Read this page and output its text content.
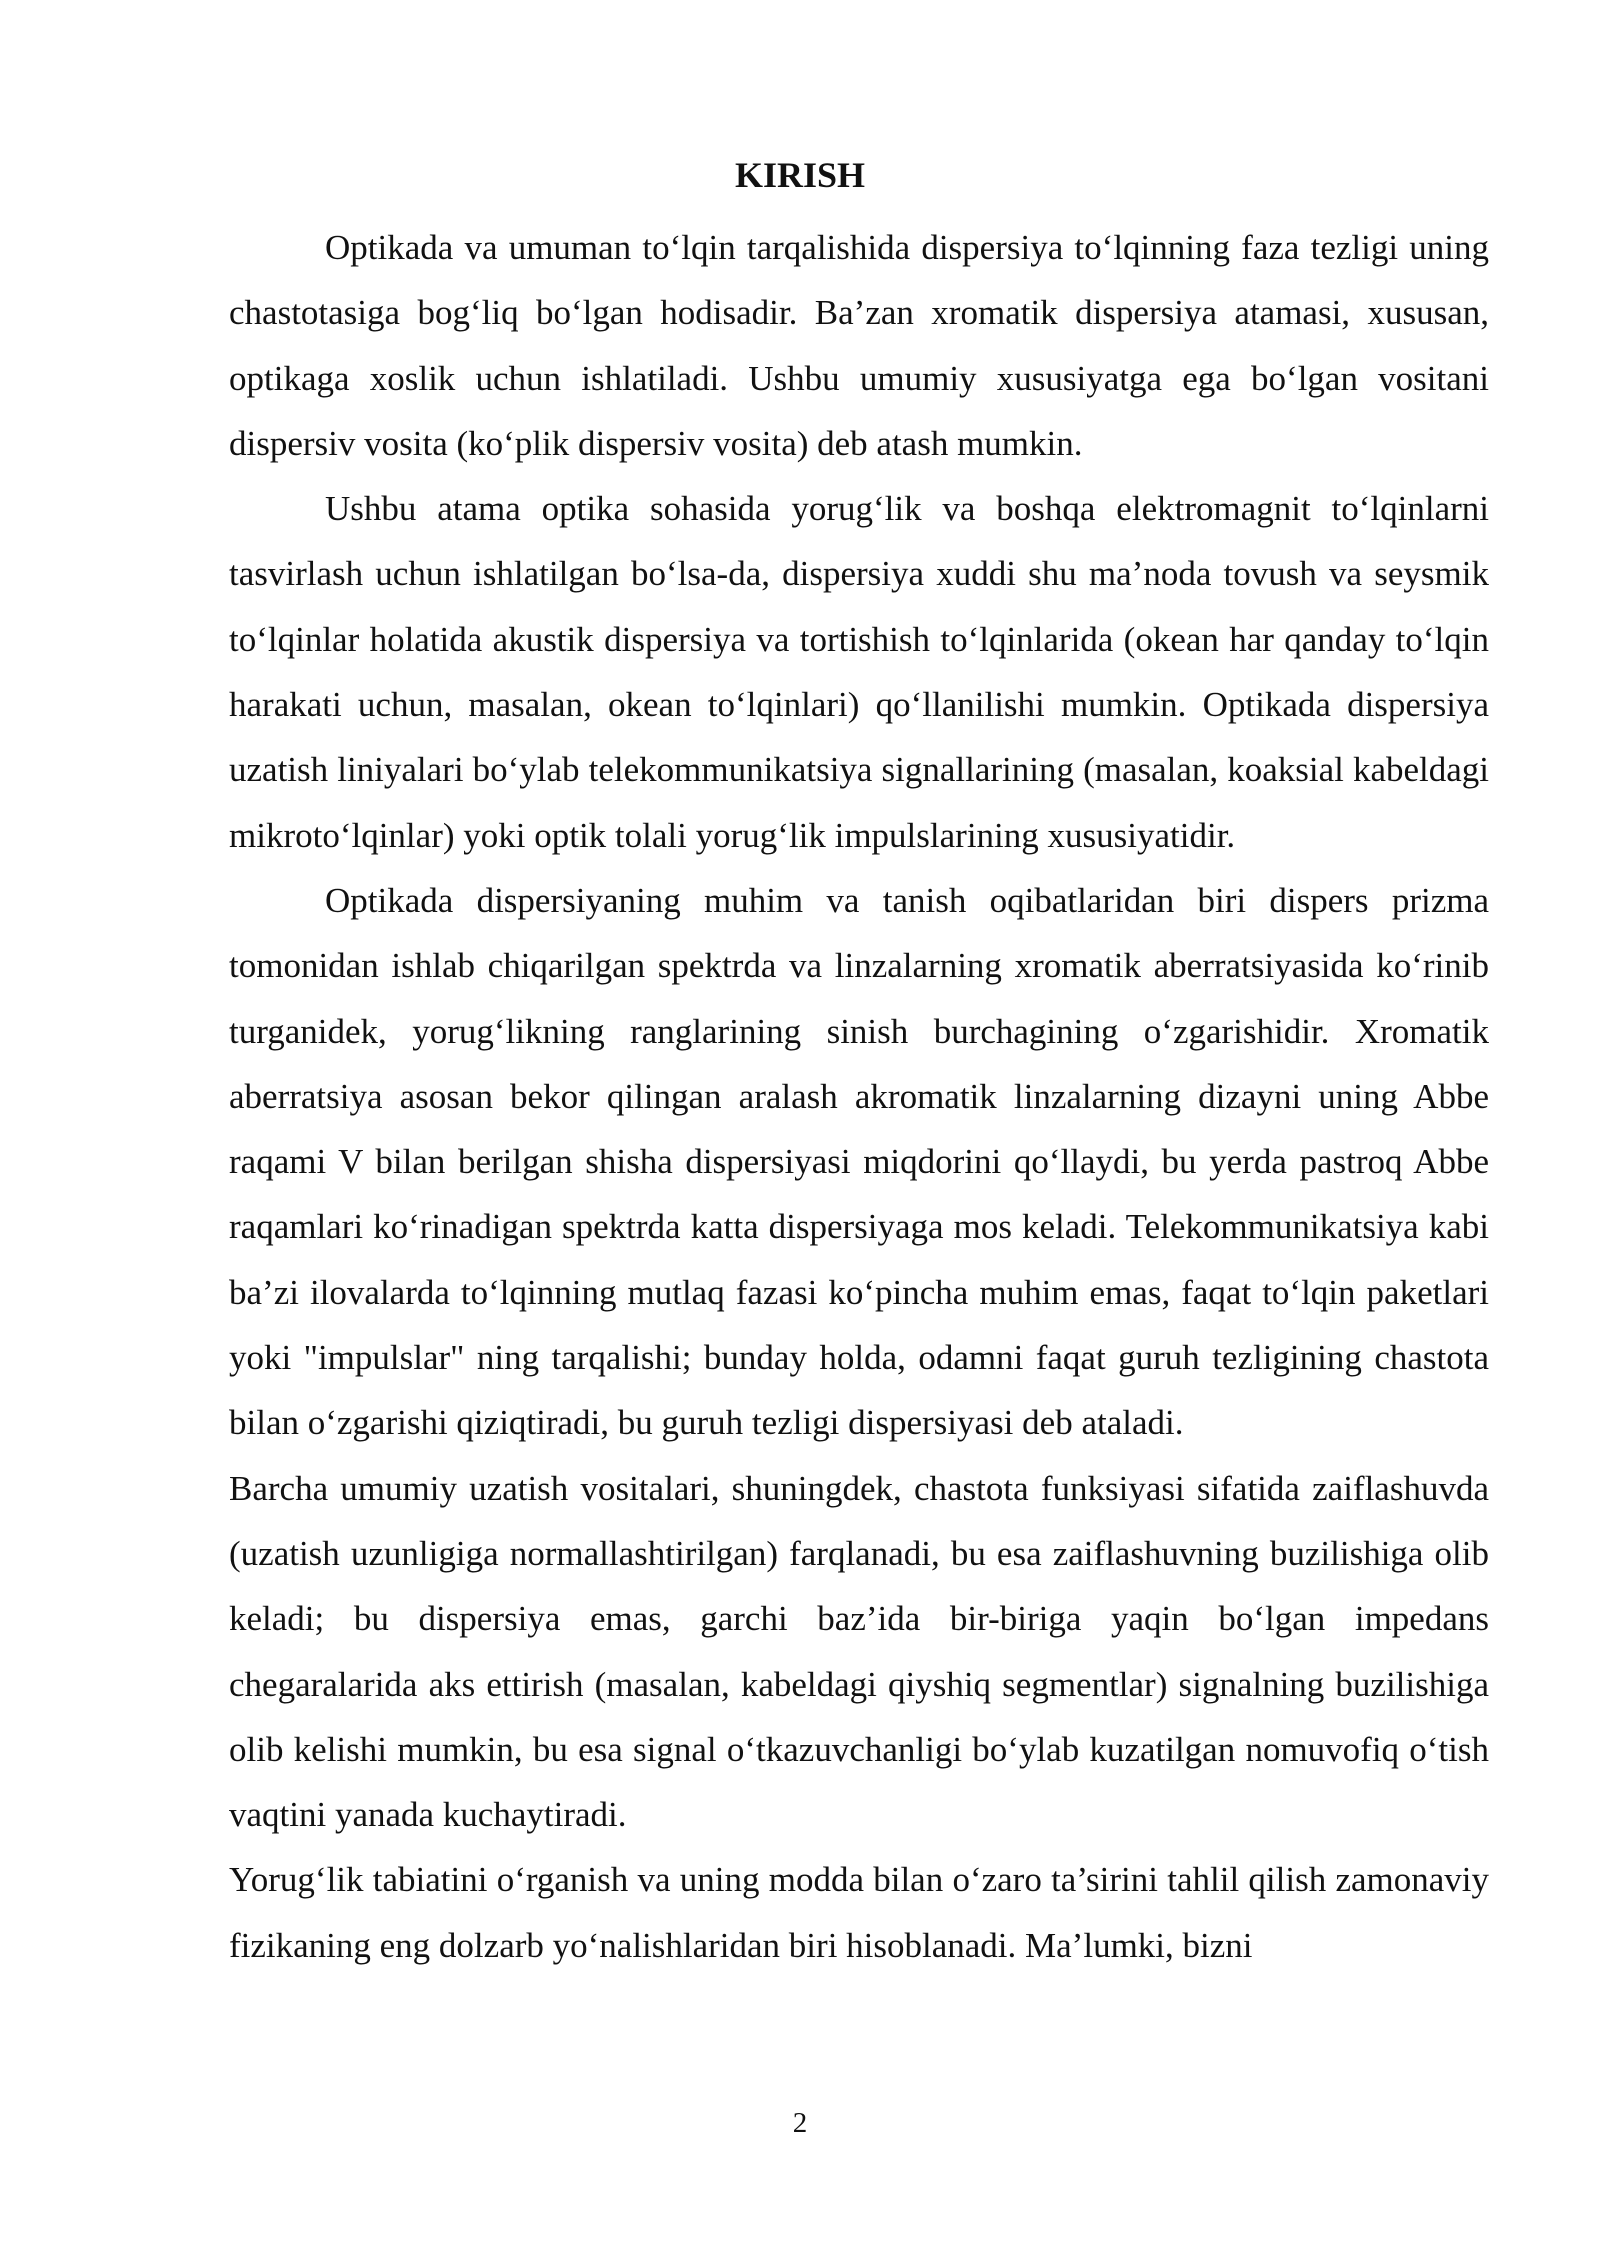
KIRISH

Optikada va umuman to‘lqin tarqalishida dispersiya to‘lqinning faza tezligi uning chastotasiga bog‘liq bo‘lgan hodisadir. Ba’zan xromatik dispersiya atamasi, xususan, optikaga xoslik uchun ishlatiladi. Ushbu umumiy xususiyatga ega bo‘lgan vositani dispersiv vosita (ko‘plik dispersiv vosita) deb atash mumkin.

Ushbu atama optika sohasida yorug‘lik va boshqa elektromagnit to‘lqinlarni tasvirlash uchun ishlatilgan bo‘lsa-da, dispersiya xuddi shu ma’noda tovush va seysmik to‘lqinlar holatida akustik dispersiya va tortishish to‘lqinlarida (okean har qanday to‘lqin harakati uchun, masalan, okean to‘lqinlari) qo‘llanilishi mumkin. Optikada dispersiya uzatish liniyalari bo‘ylab telekommunikatsiya signallarining (masalan, koaksial kabeldagi mikroto‘lqinlar) yoki optik tolali yorug‘lik impulslarining xususiyatidir.

Optikada dispersiyaning muhim va tanish oqibatlaridan biri dispers prizma tomonidan ishlab chiqarilgan spektrda va linzalarning xromatik aberratsiyasida ko‘rinib turganidek, yorug‘likning ranglarining sinish burchagining o‘zgarishidir. Xromatik aberratsiya asosan bekor qilingan aralash akromatik linzalarning dizayni uning Abbe raqami V bilan berilgan shisha dispersiyasi miqdorini qo‘llaydi, bu yerda pastroq Abbe raqamlari ko‘rinadigan spektrda katta dispersiyaga mos keladi. Telekommunikatsiya kabi ba’zi ilovalarda to‘lqinning mutlaq fazasi ko‘pincha muhim emas, faqat to‘lqin paketlari yoki "impulslar" ning tarqalishi; bunday holda, odamni faqat guruh tezligining chastota bilan o‘zgarishi qiziqtiradi, bu guruh tezligi dispersiyasi deb ataladi.

Barcha umumiy uzatish vositalari, shuningdek, chastota funksiyasi sifatida zaiflashuvda (uzatish uzunligiga normallashtirilgan) farqlanadi, bu esa zaiflashuvning buzilishiga olib keladi; bu dispersiya emas, garchi baz’ida bir-biriga yaqin bo‘lgan impedans chegaralarida aks ettirish (masalan, kabeldagi qiyshiq segmentlar) signalning buzilishiga olib kelishi mumkin, bu esa signal o‘tkazuvchanligi bo‘ylab kuzatilgan nomuvofiq o‘tish vaqtini yanada kuchaytiradi.

Yorug‘lik tabiatini o‘rganish va uning modda bilan o‘zaro ta’sirini tahlil qilish zamonaviy fizikaning eng dolzarb yo‘nalishlaridan biri hisoblanadi. Ma’lumki, bizni

2
